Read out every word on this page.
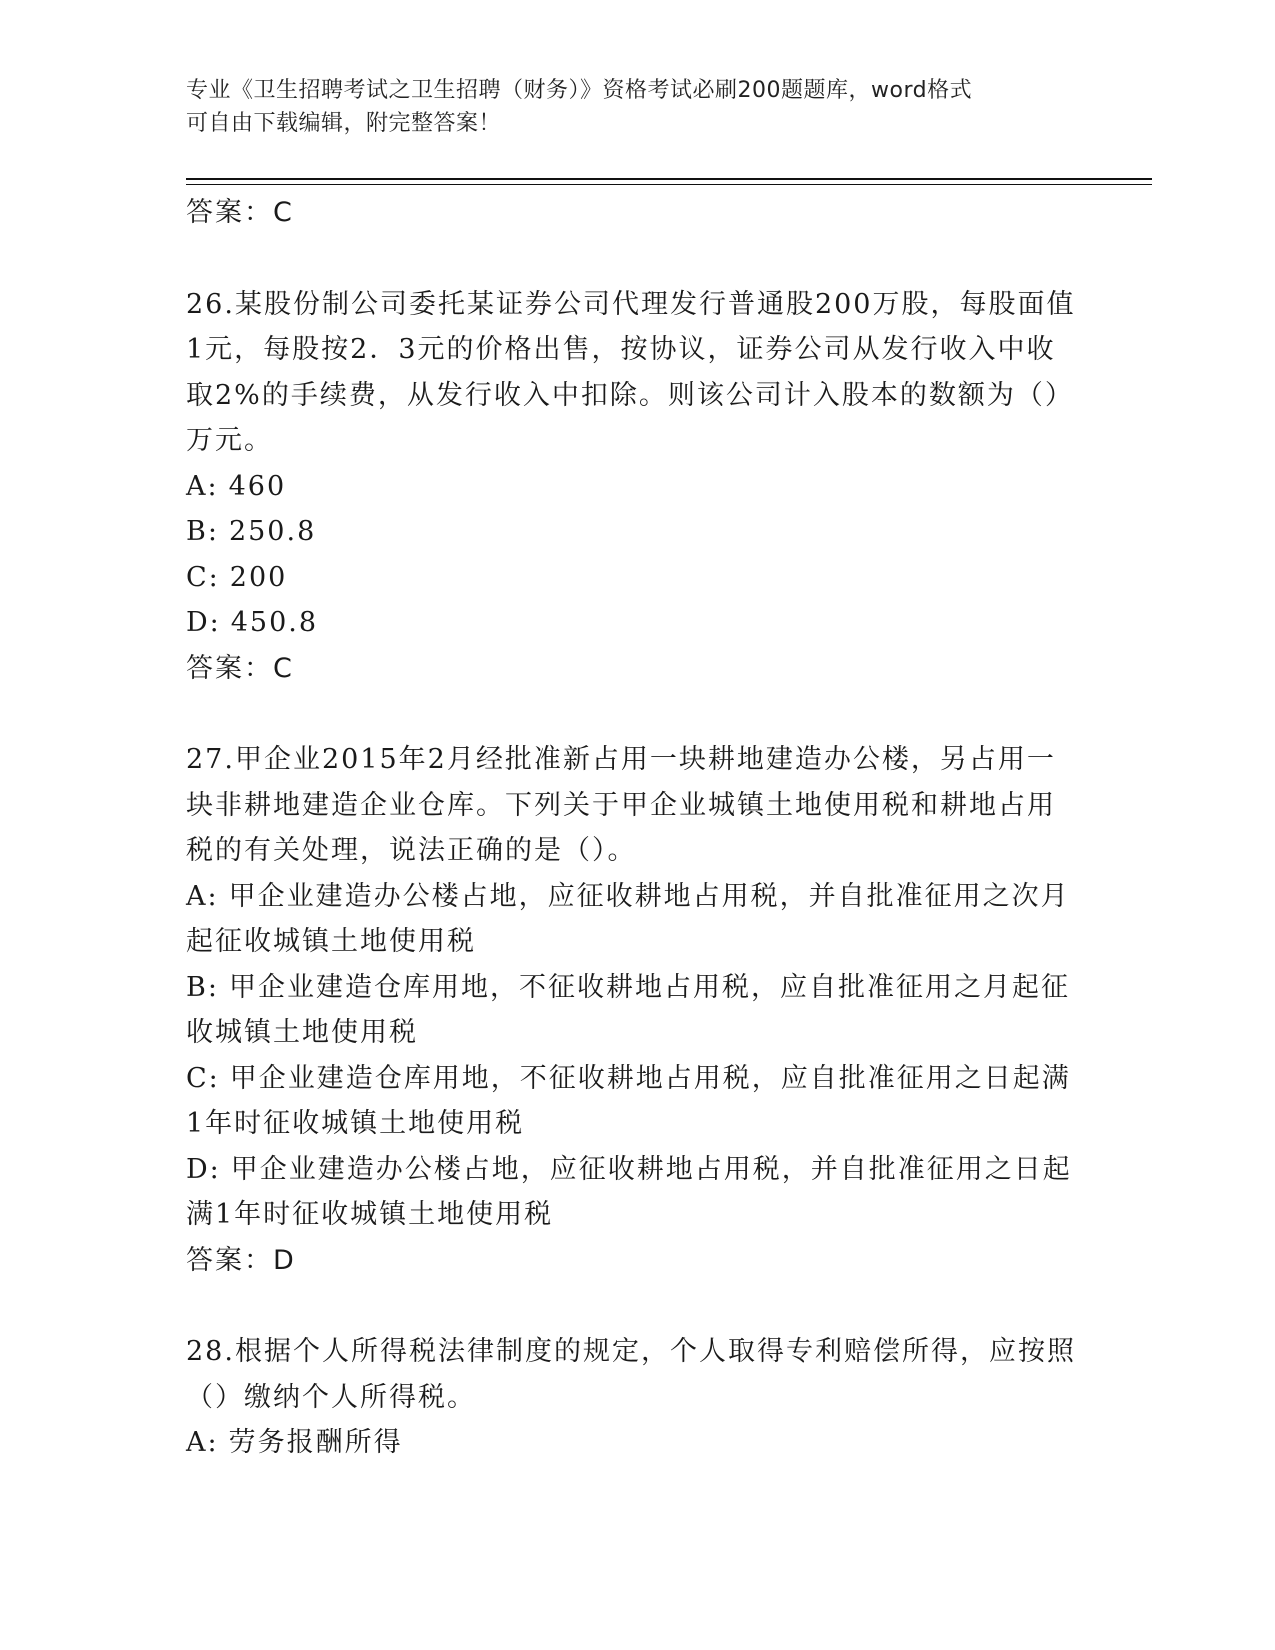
专业《卫生招聘考试之卫生招聘（财务）》资格考试必刷200题题库，word格式
可自由下载编辑，附完整答案！

答案：C

26.某股份制公司委托某证券公司代理发行普通股200万股，每股面值

1元，每股按2．3元的价格出售，按协议，证券公司从发行收入中收

取2%的手续费，从发行收入中扣除。则该公司计入股本的数额为（）

万元。

A: 460

B: 250.8

C: 200

D: 450.8

答案：C

27.甲企业2015年2月经批准新占用一块耕地建造办公楼，另占用一

块非耕地建造企业仓库。下列关于甲企业城镇土地使用税和耕地占用

税的有关处理，说法正确的是（）。

A: 甲企业建造办公楼占地，应征收耕地占用税，并自批准征用之次月

起征收城镇土地使用税

B: 甲企业建造仓库用地，不征收耕地占用税，应自批准征用之月起征

收城镇土地使用税

C: 甲企业建造仓库用地，不征收耕地占用税，应自批准征用之日起满

1年时征收城镇土地使用税

D: 甲企业建造办公楼占地，应征收耕地占用税，并自批准征用之日起

满1年时征收城镇土地使用税

答案：D

28.根据个人所得税法律制度的规定，个人取得专利赔偿所得，应按照

（）缴纳个人所得税。

A: 劳务报酬所得
